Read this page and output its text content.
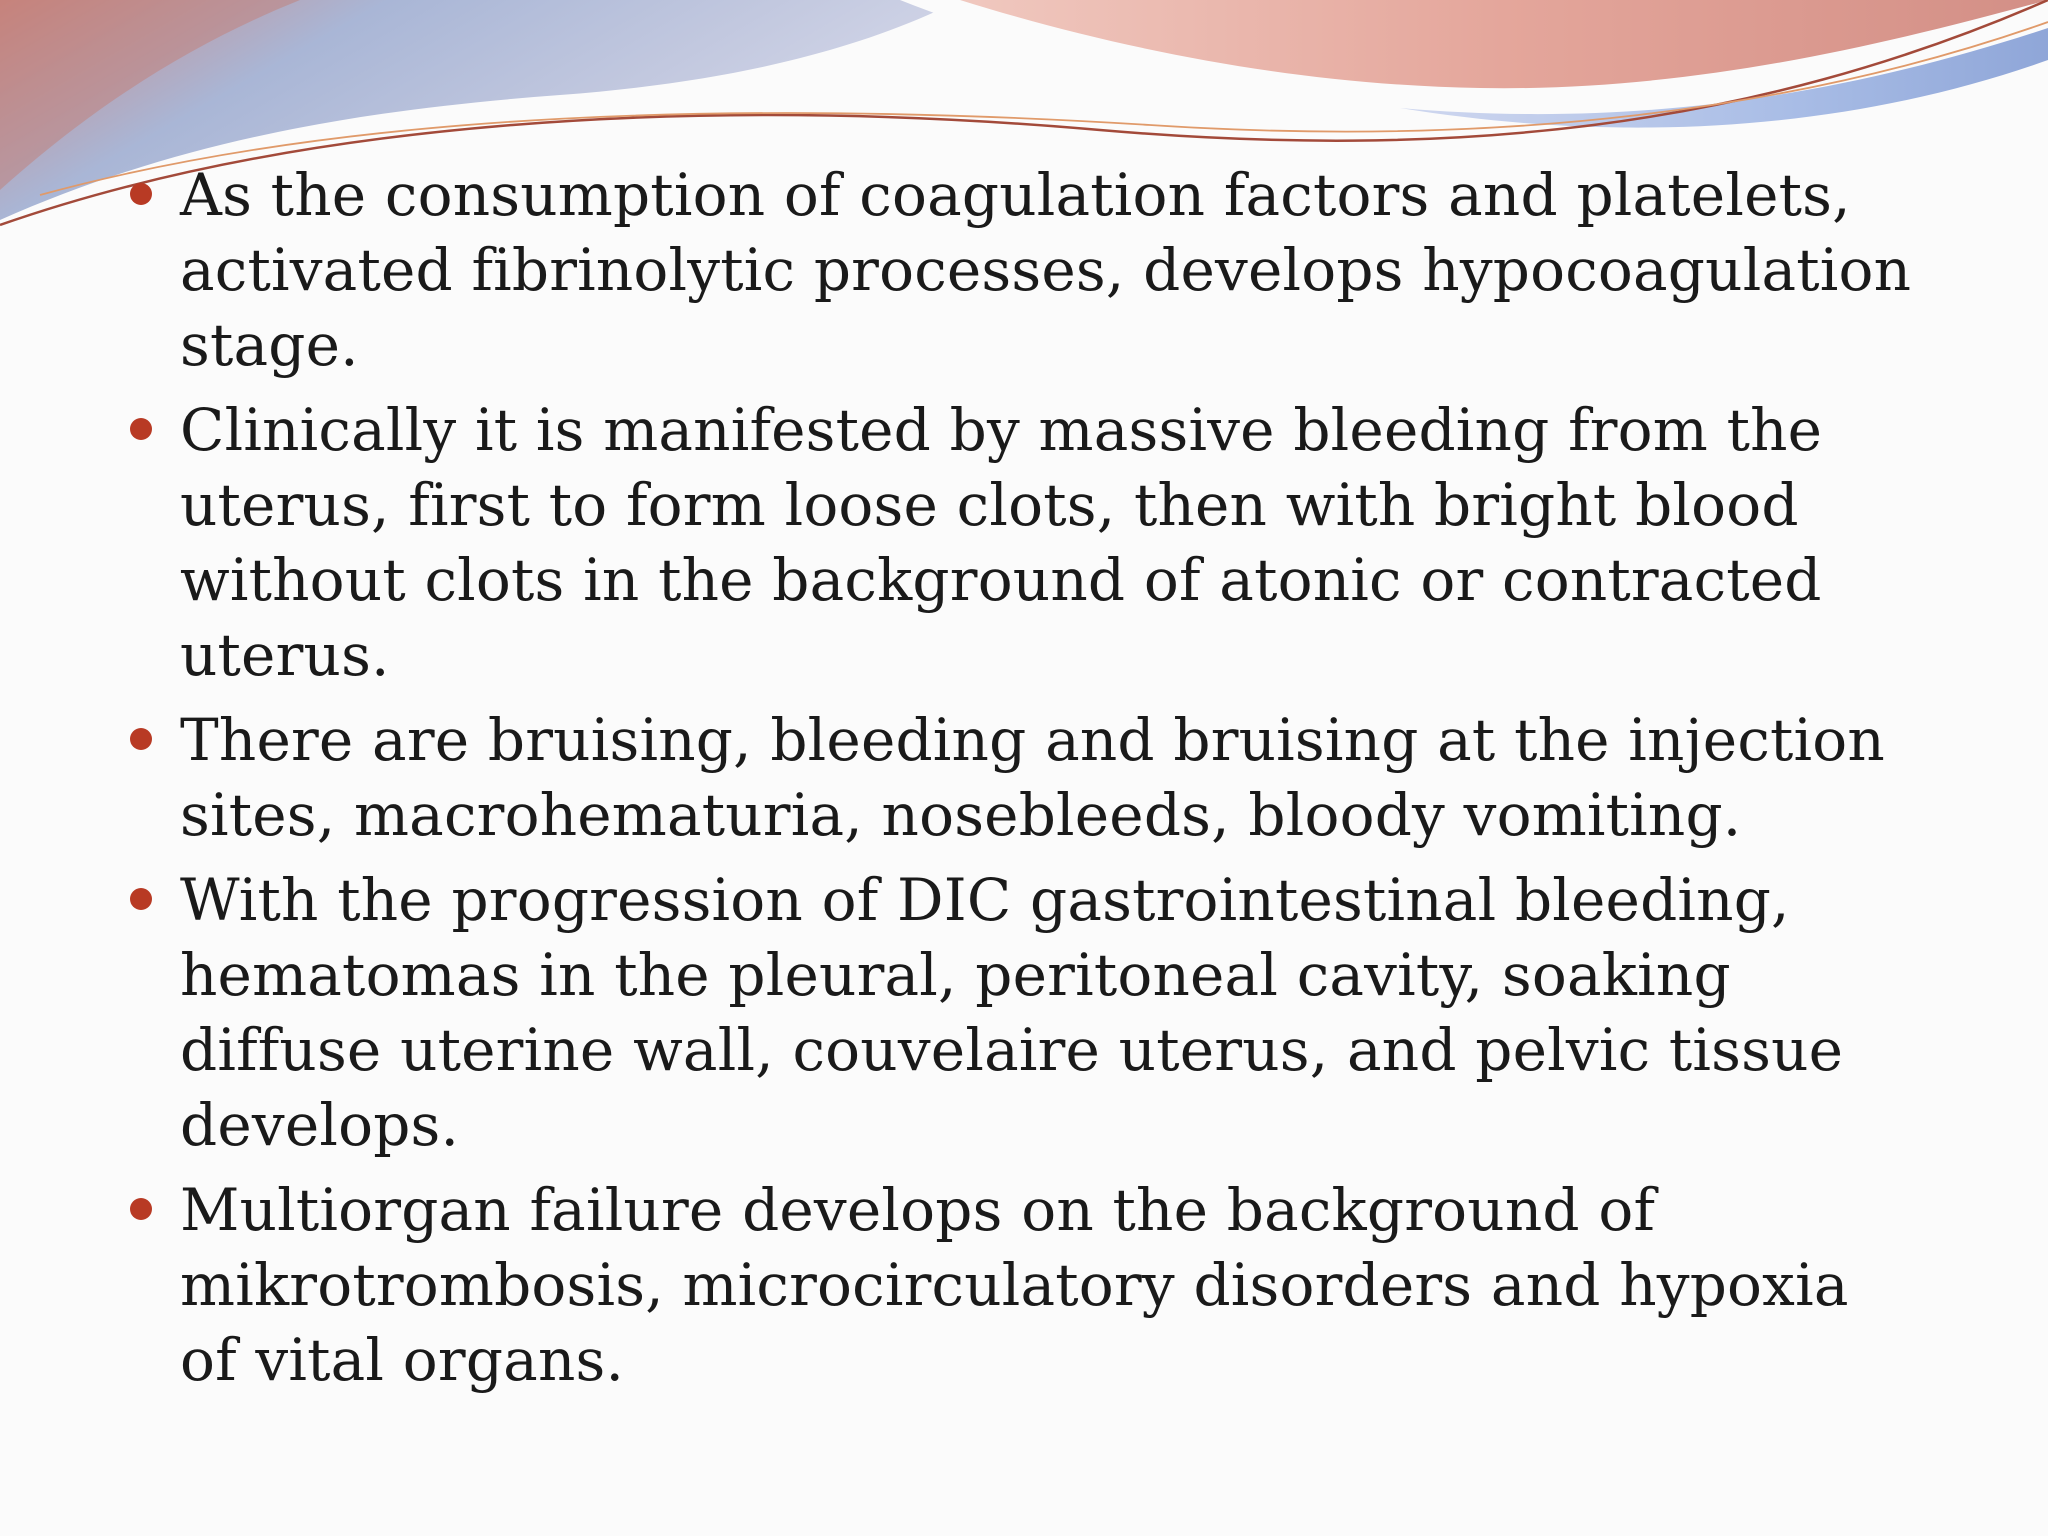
As the consumption of coagulation factors and platelets, activated fibrinolytic processes, develops hypocoagulation stage.
Clinically it is manifested by massive bleeding from the uterus, first to form loose clots, then with bright blood without clots in the background of atonic or contracted uterus.
There are bruising, bleeding and bruising at the injection sites, macrohematuria, nosebleeds, bloody vomiting.
With the progression of DIC gastrointestinal bleeding, hematomas in the pleural, peritoneal cavity, soaking diffuse uterine wall, couvelaire uterus, and pelvic tissue develops.
Multiorgan failure develops on the background of mikrotrombosis, microcirculatory disorders and hypoxia of vital organs.
